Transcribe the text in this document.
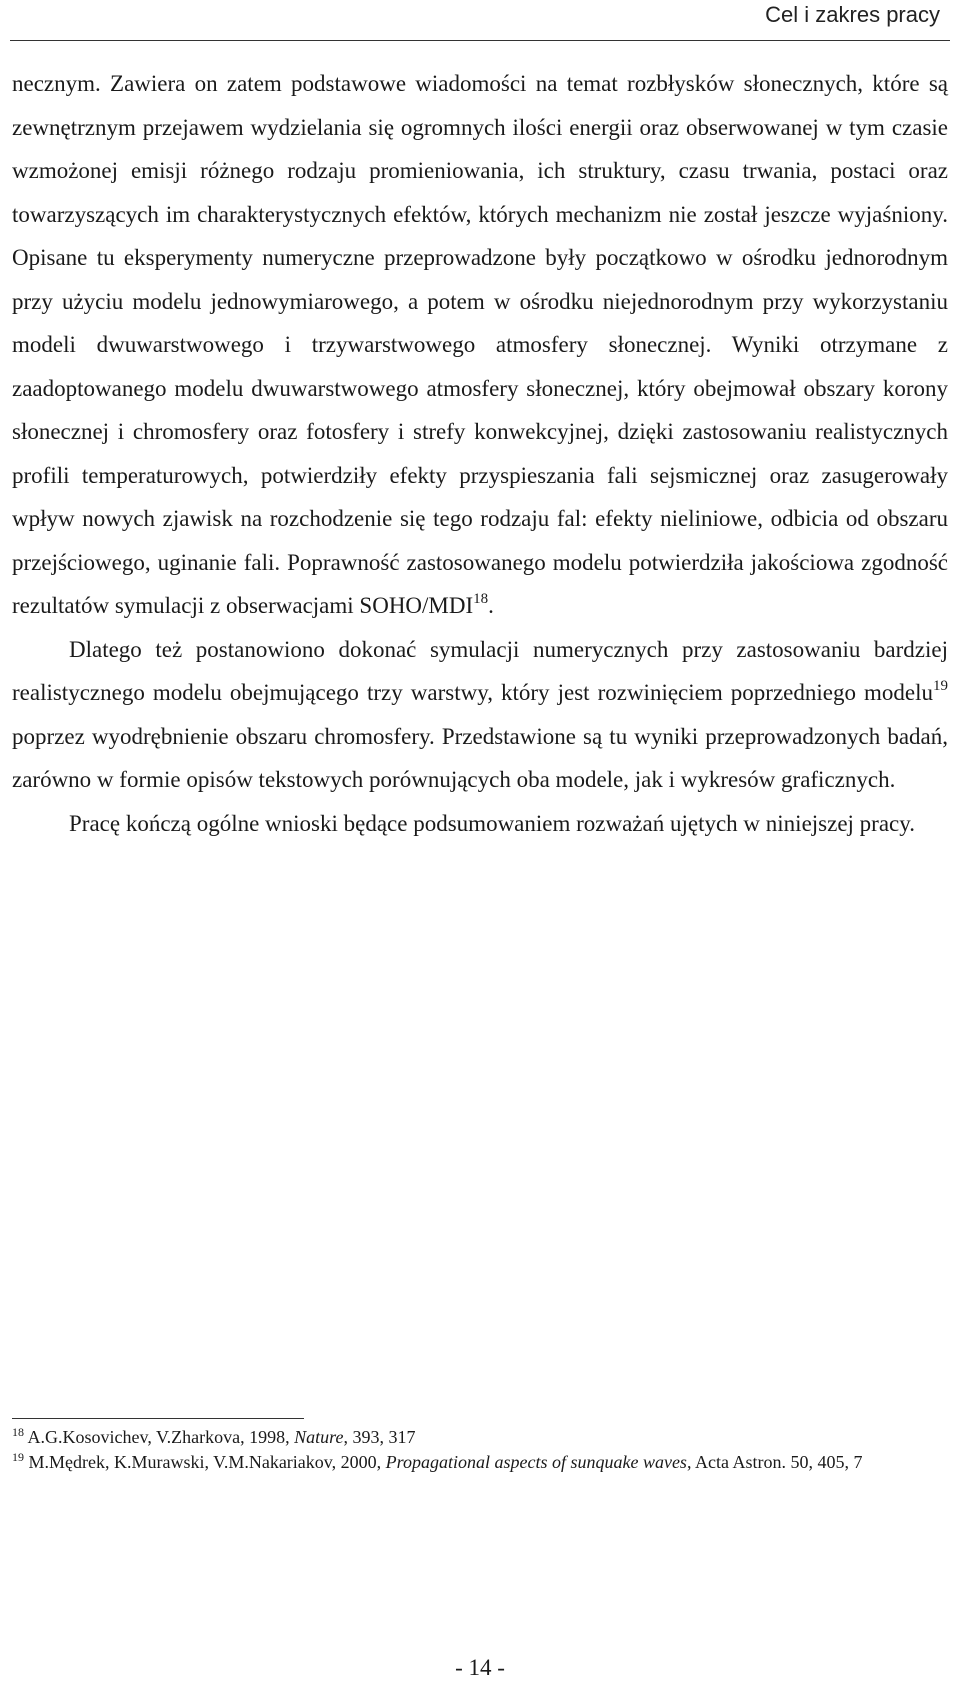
Cel i zakres pracy

necznym. Zawiera on zatem podstawowe wiadomości na temat rozbłysków słonecznych, które są zewnętrznym przejawem wydzielania się ogromnych ilości energii oraz obserwowanej w tym czasie wzmożonej emisji różnego rodzaju promieniowania, ich struktury, czasu trwania, postaci oraz towarzyszących im charakterystycznych efektów, których mechanizm nie został jeszcze wyjaśniony. Opisane tu eksperymenty numeryczne przeprowadzone były początkowo w ośrodku jednorodnym przy użyciu modelu jednowymiarowego, a potem w ośrodku niejednorodnym przy wykorzystaniu modeli dwuwarstwowego i trzywarstwowego atmosfery słonecznej. Wyniki otrzymane z zaadoptowanego modelu dwuwarstwowego atmosfery słonecznej, który obejmował obszary korony słonecznej i chromosfery oraz fotosfery i strefy konwekcyjnej, dzięki zastosowaniu realistycznych profili temperaturowych, potwierdziły efekty przyspieszania fali sejsmicznej oraz zasugerowały wpływ nowych zjawisk na rozchodzenie się tego rodzaju fal: efekty nieliniowe, odbicia od obszaru przejściowego, uginanie fali. Poprawność zastosowanego modelu potwierdziła jakościowa zgodność rezultatów symulacji z obserwacjami SOHO/MDI$^{18}$.

Dlatego też postanowiono dokonać symulacji numerycznych przy zastosowaniu bardziej realistycznego modelu obejmującego trzy warstwy, który jest rozwinięciem poprzedniego modelu$^{19}$ poprzez wyodrębnienie obszaru chromosfery. Przedstawione są tu wyniki przeprowadzonych badań, zarówno w formie opisów tekstowych porównujących oba modele, jak i wykresów graficznych.

Pracę kończą ogólne wnioski będące podsumowaniem rozważań ujętych w niniejszej pracy.

$^{18}$ A.G.Kosovichev, V.Zharkova, 1998, Nature, 393, 317

$^{19}$ M.Mędrek, K.Murawski, V.M.Nakariakov, 2000, Propagational aspects of sunquake waves, Acta Astron. 50, 405, 7

- 14 -
